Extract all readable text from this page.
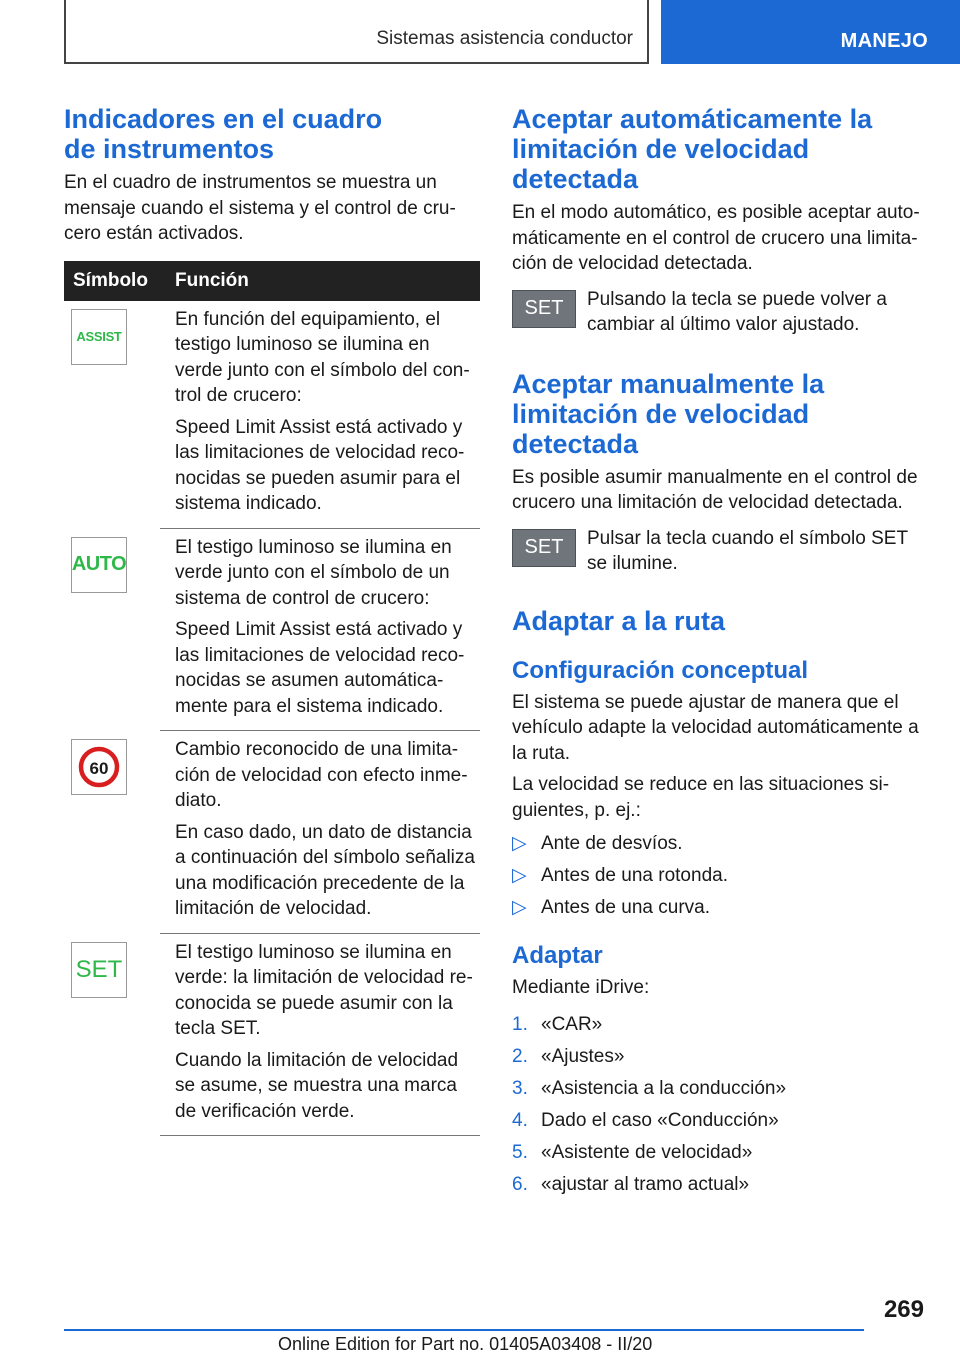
Sistemas asistencia conductor	MANEJO
Indicadores en el cuadro
de instrumentos

En el cuadro de instrumentos se muestra un mensaje cuando el sistema y el control de crucero están activados.

Símbolo Función
ASSIST

En función del equipamiento, el testigo luminoso se ilumina en verde junto con el símbolo del control de crucero:

Speed Limit Assist está activado y las limitaciones de velocidad reconocidas se pueden asumir para el sistema indicado.

AUTO

El testigo luminoso se ilumina en verde junto con el símbolo de un sistema de control de crucero:

Speed Limit Assist está activado y las limitaciones de velocidad reconocidas se asumen automáticamente para el sistema indicado.

60

Cambio reconocido de una limitación de velocidad con efecto inmediato.

En caso dado, un dato de distancia a continuación del símbolo señaliza una modificación precedente de la limitación de velocidad.

SET

El testigo luminoso se ilumina en verde: la limitación de velocidad reconocida se puede asumir con la tecla SET.

Cuando la limitación de velocidad se asume, se muestra una marca de verificación verde.

Aceptar automáticamente la
limitación de velocidad
detectada

En el modo automático, es posible aceptar automáticamente en el control de crucero una limitación de velocidad detectada.

SET Pulsando la tecla se puede volver a cambiar al último valor ajustado.

Aceptar manualmente la
limitación de velocidad
detectada

Es posible asumir manualmente en el control de crucero una limitación de velocidad detectada.

SET Pulsar la tecla cuando el símbolo SET se ilumine.

Adaptar a la ruta
Configuración conceptual

El sistema se puede ajustar de manera que el vehículo adapte la velocidad automáticamente a la ruta.

La velocidad se reduce en las situaciones siguientes, p. ej.:

▷ Ante de desvíos.
▷ Antes de una rotonda.
▷ Antes de una curva.
Adaptar

Mediante iDrive:

1. «CAR»
2. «Ajustes»
3. «Asistencia a la conducción»
4. Dado el caso «Conducción»
5. «Asistente de velocidad»
6. «ajustar al tramo actual»
269
Online Edition for Part no. 01405A03408 - II/20
